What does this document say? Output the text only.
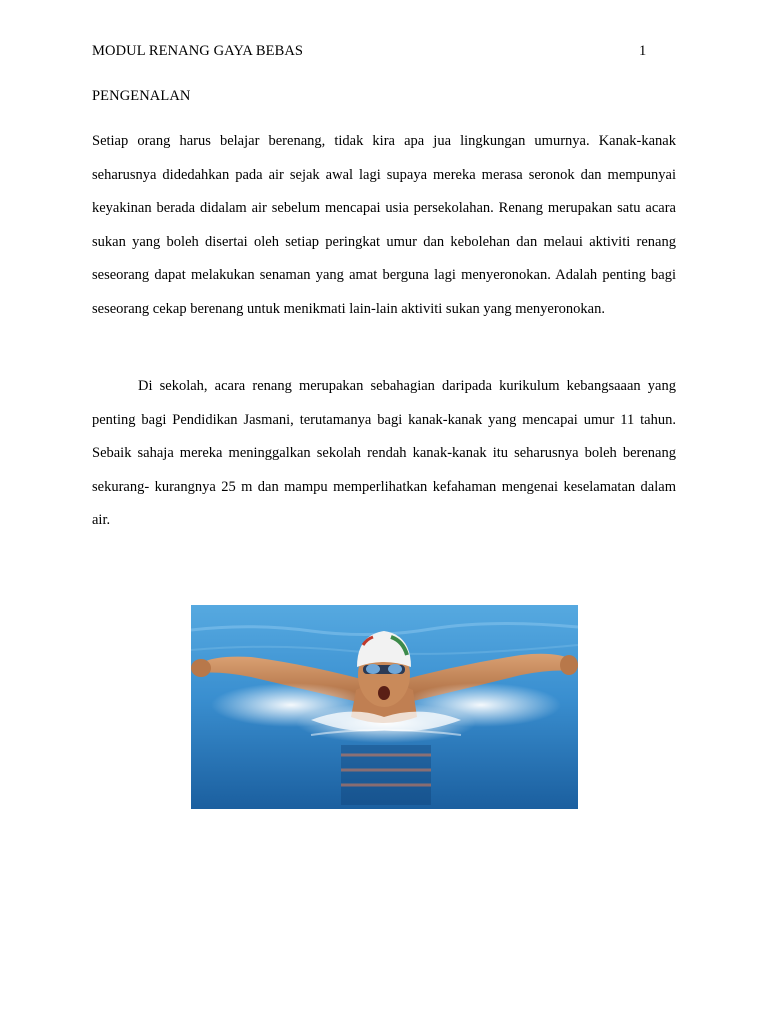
MODUL RENANG GAYA BEBAS	1
PENGENALAN

Setiap orang harus belajar berenang, tidak kira apa jua lingkungan umurnya. Kanak-kanak seharusnya didedahkan pada air sejak awal lagi supaya mereka merasa seronok dan mempunyai keyakinan berada didalam air sebelum mencapai usia persekolahan. Renang merupakan satu acara sukan yang boleh disertai oleh setiap peringkat umur dan kebolehan dan melaui aktiviti renang seseorang dapat melakukan senaman yang amat berguna lagi menyeronokan. Adalah penting bagi seseorang cekap berenang untuk menikmati lain-lain aktiviti sukan yang menyeronokan.

Di sekolah, acara renang merupakan sebahagian daripada kurikulum kebangsaaan yang penting bagi Pendidikan Jasmani, terutamanya bagi kanak-kanak yang mencapai umur 11 tahun. Sebaik sahaja mereka meninggalkan sekolah rendah kanak-kanak itu seharusnya boleh berenang sekurang- kurangnya 25 m dan mampu memperlihatkan kefahaman mengenai keselamatan dalam air.
